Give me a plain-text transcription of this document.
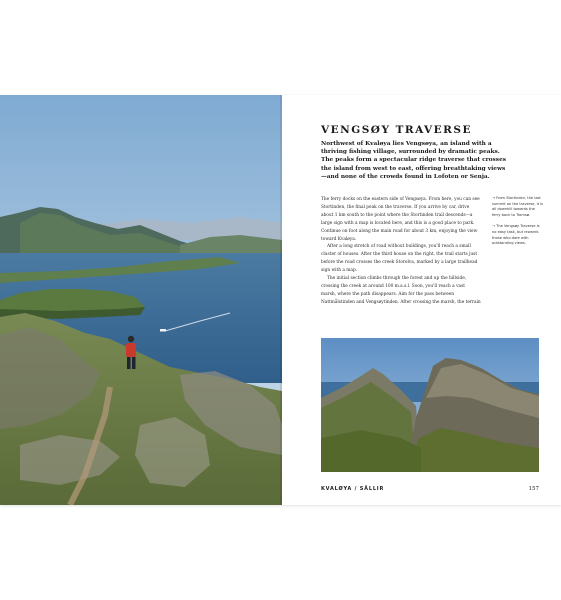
VENGSØY TRAVERSE
Northwest of Kvaløya lies Vengsøya, an island with a thriving fishing village, surrounded by dramatic peaks. The peaks form a spectacular ridge traverse that crosses the island from west to east, offering breathtaking views—and none of the crowds found in Lofoten or Senja.

The ferry docks on the eastern side of Vengsøya. From here, you can see Stortinden, the final peak on the traverse. If you arrive by car, drive about 1 km south to the point where the Stortinden trail descends—a large sign with a map is located here, and this is a good place to park. Continue on foot along the main road for about 3 km, enjoying the view toward Kvaløya.

After a long stretch of road without buildings, you'll reach a small cluster of houses. After the third house on the right, the trail starts just before the road crosses the creek Storelva, marked by a large trailhead sign with a map.

The initial section climbs through the forest and up the hillside, crossing the creek at around 100 m.a.s.l. Soon, you'll reach a vast marsh, where the path disappears. Aim for the pass between Nattmålstinden and Vengsøytinden. After crossing the marsh, the terrain

→ From Stortinden, the last summit on the traverse, it is all downhill towards the ferry back to Tromsø.

→ The Vengsøy Traverse is no easy task, but rewards those who dare with outstanding views.

KVALØYA / SÅLLIR	157
